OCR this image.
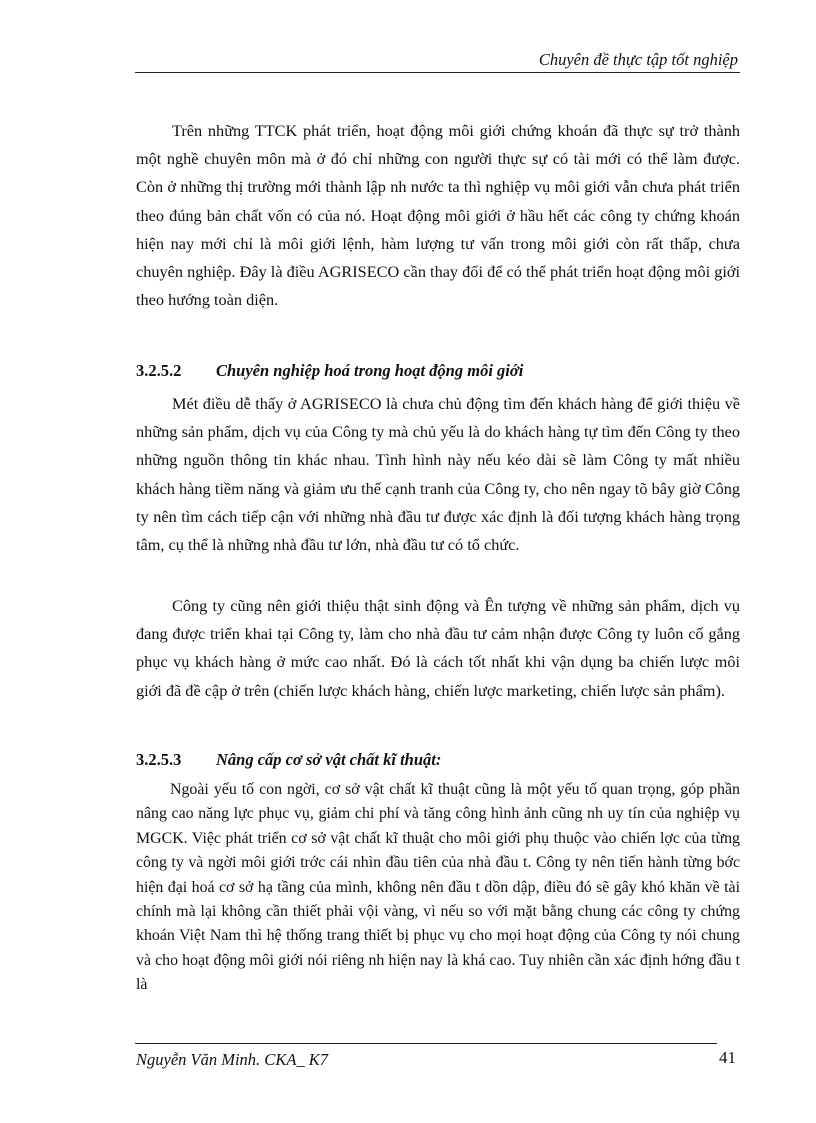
Chuyên đề thực tập tốt nghiệp

Trên những TTCK phát triển, hoạt động môi giới chứng khoán đã thực sự trở thành một nghề chuyên môn mà ở đó chỉ những con người thực sự có tài mới có thể làm được. Còn ở những thị trường mới thành lập nh nước ta thì nghiệp vụ môi giới vẫn chưa phát triển theo đúng bản chất vốn có của nó. Hoạt động môi giới ở hầu hết các công ty chứng khoán hiện nay mới chỉ là môi giới lệnh, hàm lượng tư vấn trong môi giới còn rất thấp, chưa chuyên nghiệp. Đây là điều AGRISECO cần thay đổi để có thể phát triển hoạt động môi giới theo hướng toàn diện.

3.2.5.2 Chuyên nghiệp hoá trong hoạt động môi giới

Mét điều dễ thấy ở AGRISECO là chưa chủ động tìm đến khách hàng để giới thiệu về những sản phẩm, dịch vụ của Công ty mà chủ yếu là do khách hàng tự tìm đến Công ty theo những nguồn thông tin khác nhau. Tình hình này nếu kéo dài sẽ làm Công ty mất nhiều khách hàng tiềm năng và giảm ưu thế cạnh tranh của Công ty, cho nên ngay tõ bây giờ Công ty nên tìm cách tiếp cận với những nhà đầu tư được xác định là đối tượng khách hàng trọng tâm, cụ thể là những nhà đầu tư lớn, nhà đầu tư có tổ chức.

Công ty cũng nên giới thiệu thật sinh động và Ên tượng về những sản phẩm, dịch vụ đang được triển khai tại Công ty, làm cho nhà đầu tư cảm nhận được Công ty luôn cố gắng phục vụ khách hàng ở mức cao nhất. Đó là cách tốt nhất khi vận dụng ba chiến lược môi giới đã đề cập ở trên (chiến lược khách hàng, chiến lược marketing, chiến lược sản phẩm).

3.2.5.3 Nâng cấp cơ sở vật chất kĩ thuật:

Ngoài yếu tố con ngời, cơ sở vật chất kĩ thuật cũng là một yếu tố quan trọng, góp phần nâng cao năng lực phục vụ, giảm chi phí và tăng công hình ảnh cũng nh uy tín của nghiệp vụ MGCK. Việc phát triển cơ sở vật chất kĩ thuật cho môi giới phụ thuộc vào chiến lợc của từng công ty và ngời môi giới trớc cái nhìn đầu tiên của nhà đầu t. Công ty nên tiến hành từng bớc hiện đại hoá cơ sở hạ tầng của mình, không nên đầu t dồn dập, điều đó sẽ gây khó khăn về tài chính mà lại không cần thiết phải vội vàng, vì nếu so với mặt bằng chung các công ty chứng khoán Việt Nam thì hệ thống trang thiết bị phục vụ cho mọi hoạt động của Công ty nói chung và cho hoạt động môi giới nói riêng nh hiện nay là khá cao. Tuy nhiên cần xác định hớng đầu t là

Nguyễn Văn Minh. CKA_ K7	41
